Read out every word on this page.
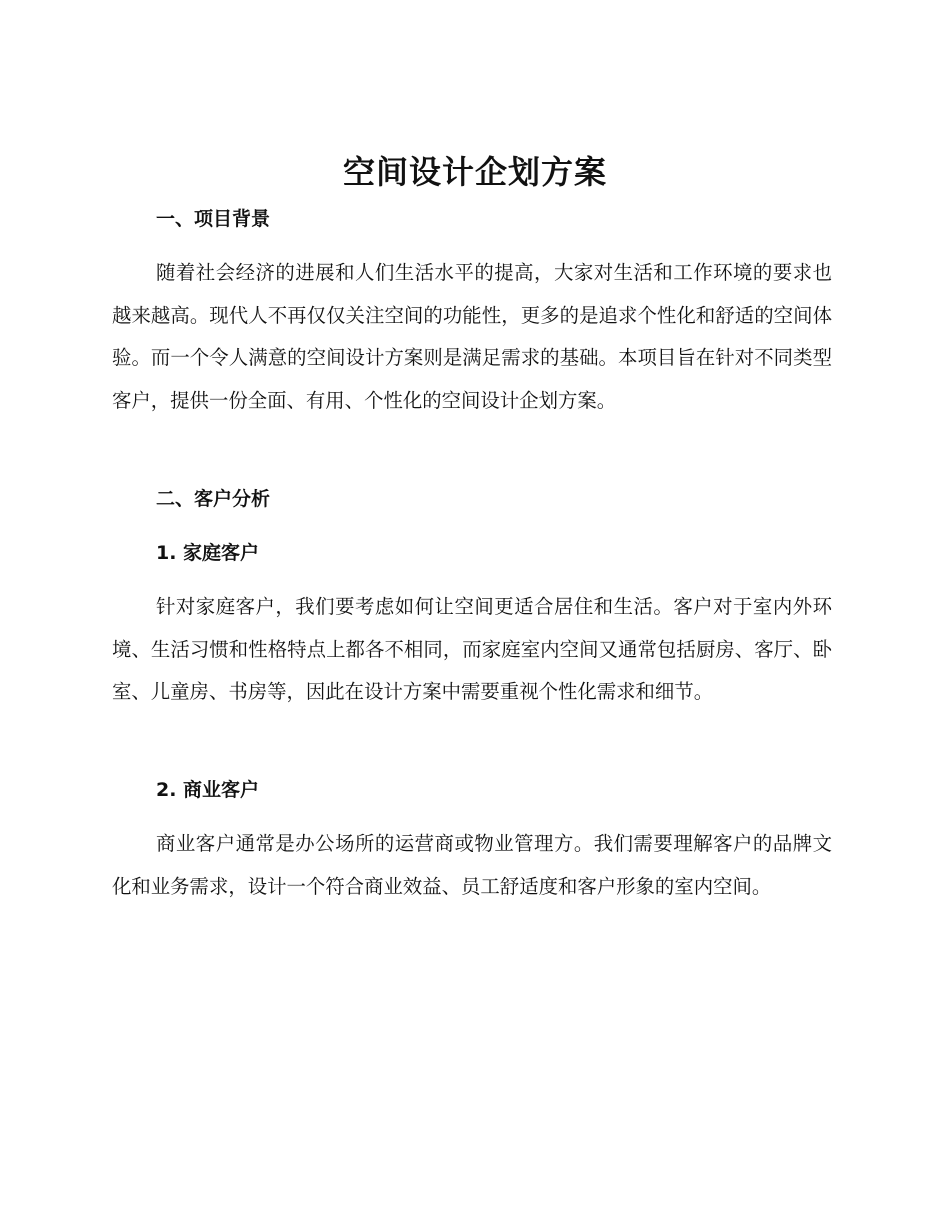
空间设计企划方案
一、项目背景

随着社会经济的进展和人们生活水平的提高，大家对生活和工作环境的要求也越来越高。现代人不再仅仅关注空间的功能性，更多的是追求个性化和舒适的空间体验。而一个令人满意的空间设计方案则是满足需求的基础。本项目旨在针对不同类型客户，提供一份全面、有用、个性化的空间设计企划方案。

二、客户分析
1. 家庭客户

针对家庭客户，我们要考虑如何让空间更适合居住和生活。客户对于室内外环境、生活习惯和性格特点上都各不相同，而家庭室内空间又通常包括厨房、客厅、卧室、儿童房、书房等，因此在设计方案中需要重视个性化需求和细节。

2. 商业客户

商业客户通常是办公场所的运营商或物业管理方。我们需要理解客户的品牌文化和业务需求，设计一个符合商业效益、员工舒适度和客户形象的室内空间。
